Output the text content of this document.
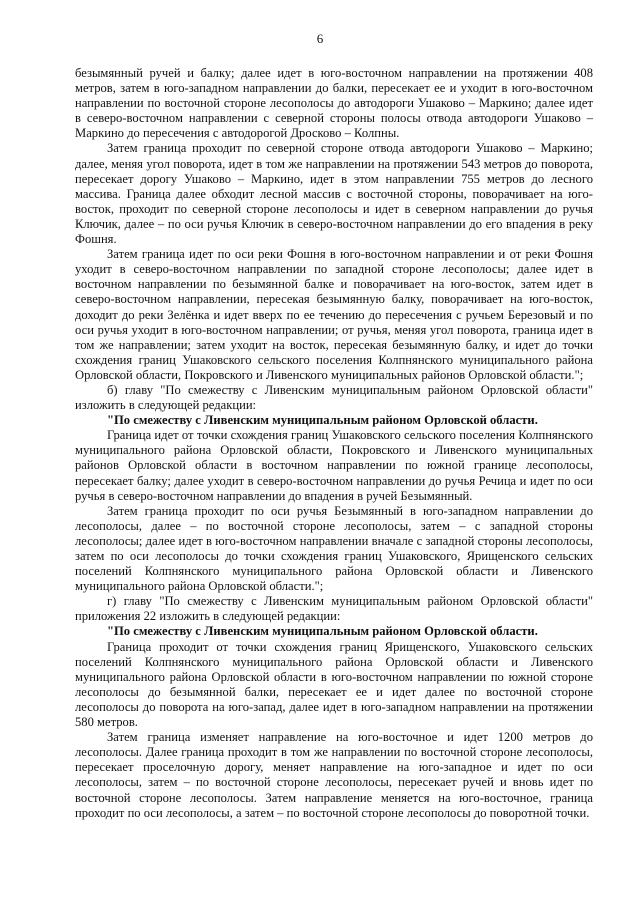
6

безымянный ручей и балку; далее идет в юго-восточном направлении на протяжении 408 метров, затем в юго-западном направлении до балки, пересекает ее и уходит в юго-восточном направлении по восточной стороне лесополосы до автодороги Ушаково – Маркино; далее идет в северо-восточном направлении с северной стороны полосы отвода автодороги Ушаково – Маркино до пересечения с автодорогой Дросково – Колпны.

Затем граница проходит по северной стороне отвода автодороги Ушаково – Маркино; далее, меняя угол поворота, идет в том же направлении на протяжении 543 метров до поворота, пересекает дорогу Ушаково – Маркино, идет в этом направлении 755 метров до лесного массива. Граница далее обходит лесной массив с восточной стороны, поворачивает на юго-восток, проходит по северной стороне лесополосы и идет в северном направлении до ручья Ключик, далее – по оси ручья Ключик в северо-восточном направлении до его впадения в реку Фошня.

Затем граница идет по оси реки Фошня в юго-восточном направлении и от реки Фошня уходит в северо-восточном направлении по западной стороне лесополосы; далее идет в восточном направлении по безымянной балке и поворачивает на юго-восток, затем идет в северо-восточном направлении, пересекая безымянную балку, поворачивает на юго-восток, доходит до реки Зелёнка и идет вверх по ее течению до пересечения с ручьем Березовый и по оси ручья уходит в юго-восточном направлении; от ручья, меняя угол поворота, граница идет в том же направлении; затем уходит на восток, пересекая безымянную балку, и идет до точки схождения границ Ушаковского сельского поселения Колпнянского муниципального района Орловской области, Покровского и Ливенского муниципальных районов Орловской области.";

б) главу "По смежеству с Ливенским муниципальным районом Орловской области" изложить в следующей редакции:

"По смежеству с Ливенским муниципальным районом Орловской области.

Граница идет от точки схождения границ Ушаковского сельского поселения Колпнянского муниципального района Орловской области, Покровского и Ливенского муниципальных районов Орловской области в восточном направлении по южной границе лесополосы, пересекает балку; далее уходит в северо-восточном направлении до ручья Речица и идет по оси ручья в северо-восточном направлении до впадения в ручей Безымянный.

Затем граница проходит по оси ручья Безымянный в юго-западном направлении до лесополосы, далее – по восточной стороне лесополосы, затем – с западной стороны лесополосы; далее идет в юго-восточном направлении вначале с западной стороны лесополосы, затем по оси лесополосы до точки схождения границ Ушаковского, Ярищенского сельских поселений Колпнянского муниципального района Орловской области и Ливенского муниципального района Орловской области.";

г) главу "По смежеству с Ливенским муниципальным районом Орловской области" приложения 22 изложить в следующей редакции:

"По смежеству с Ливенским муниципальным районом Орловской области.

Граница проходит от точки схождения границ Ярищенского, Ушаковского сельских поселений Колпнянского муниципального района Орловской области и Ливенского муниципального района Орловской области в юго-восточном направлении по южной стороне лесополосы до безымянной балки, пересекает ее и идет далее по восточной стороне лесополосы до поворота на юго-запад, далее идет в юго-западном направлении на протяжении 580 метров.

Затем граница изменяет направление на юго-восточное и идет 1200 метров до лесополосы. Далее граница проходит в том же направлении по восточной стороне лесополосы, пересекает проселочную дорогу, меняет направление на юго-западное и идет по оси лесополосы, затем – по восточной стороне лесополосы, пересекает ручей и вновь идет по восточной стороне лесополосы. Затем направление меняется на юго-восточное, граница проходит по оси лесополосы, а затем – по восточной стороне лесополосы до поворотной точки.
